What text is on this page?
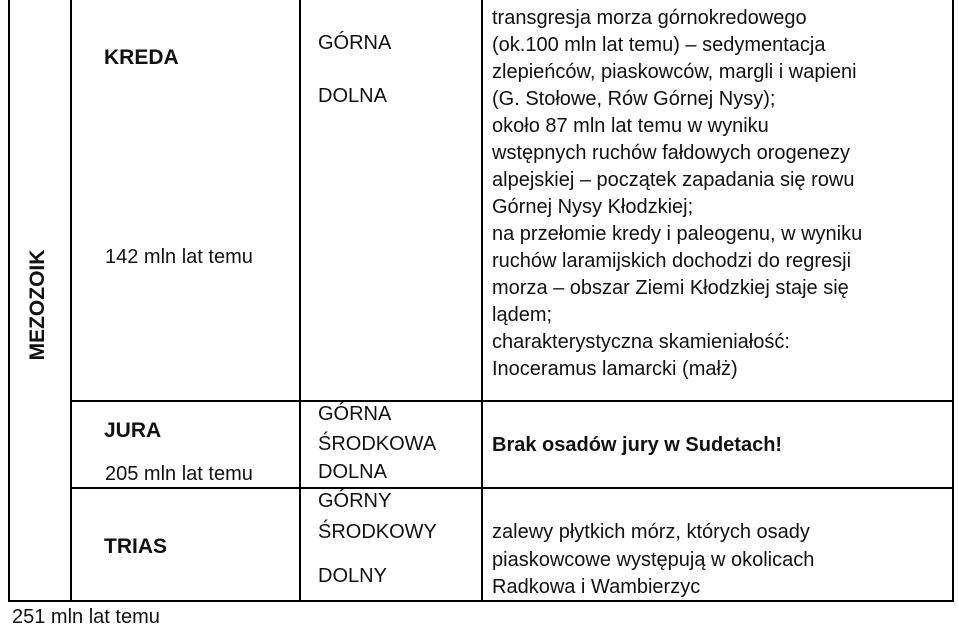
MEZOZOIK
KREDA
142 mln lat temu
GÓRNA
DOLNA
transgresja morza górnokredowego
(ok.100 mln lat temu) – sedymentacja
zlepieńców, piaskowców, margli i wapieni
(G. Stołowe, Rów Górnej Nysy);
około 87 mln lat temu w wyniku
wstępnych ruchów fałdowych orogenezy
alpejskiej – początek zapadania się rowu
Górnej Nysy Kłodzkiej;
na przełomie kredy i paleogenu, w wyniku
ruchów laramijskich dochodzi do regresji
morza – obszar Ziemi Kłodzkiej staje się
lądem;
charakterystyczna skamieniałość:
Inoceramus lamarcki (małż)
JURA
205 mln lat temu
GÓRNA
ŚRODKOWA
DOLNA
Brak osadów jury w Sudetach!
TRIAS
251 mln lat temu
GÓRNY
ŚRODKOWY
DOLNY
zalewy płytkich mórz, których osady
piaskowcowe występują w okolicach
Radkowa i Wambierzyc
